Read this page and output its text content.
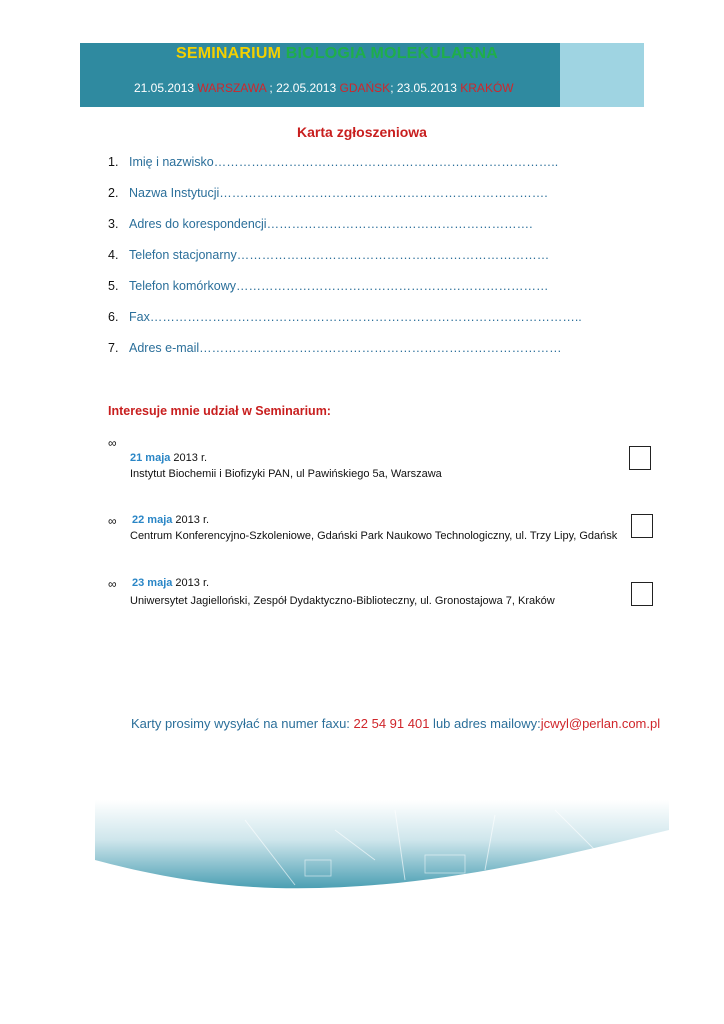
SEMINARIUM BIOLOGIA MOLEKULARNA
21.05.2013 WARSZAWA ; 22.05.2013 GDAŃSK; 23.05.2013 KRAKÓW
Karta zgłoszeniowa
1. Imię i nazwisko………………………………………………………………………..
2. Nazwa Instytucji…………………………………………………………………….
3. Adres do korespondencji……………………………………………………….
4. Telefon stacjonarny…………………………………………………………………
5. Telefon komórkowy…………………………………………………………………
6. Fax…………………………………………………………………………………………..
7. Adres e-mail……………………………………………………………………………
Interesuje mnie udział w Seminarium:
∞
21 maja 2013 r.
Instytut Biochemii i Biofizyki PAN, ul Pawińskiego 5a, Warszawa
∞ 22 maja 2013 r.
Centrum Konferencyjno-Szkoleniowe, Gdański Park Naukowo Technologiczny, ul. Trzy Lipy, Gdańsk
∞ 23 maja 2013 r.
Uniwersytet Jagielloński, Zespół Dydaktyczno-Biblioteczny, ul. Gronostajowa 7, Kraków
Karty prosimy wysyłać na numer faxu: 22 54 91 401 lub adres mailowy:jcwyl@perlan.com.pl
